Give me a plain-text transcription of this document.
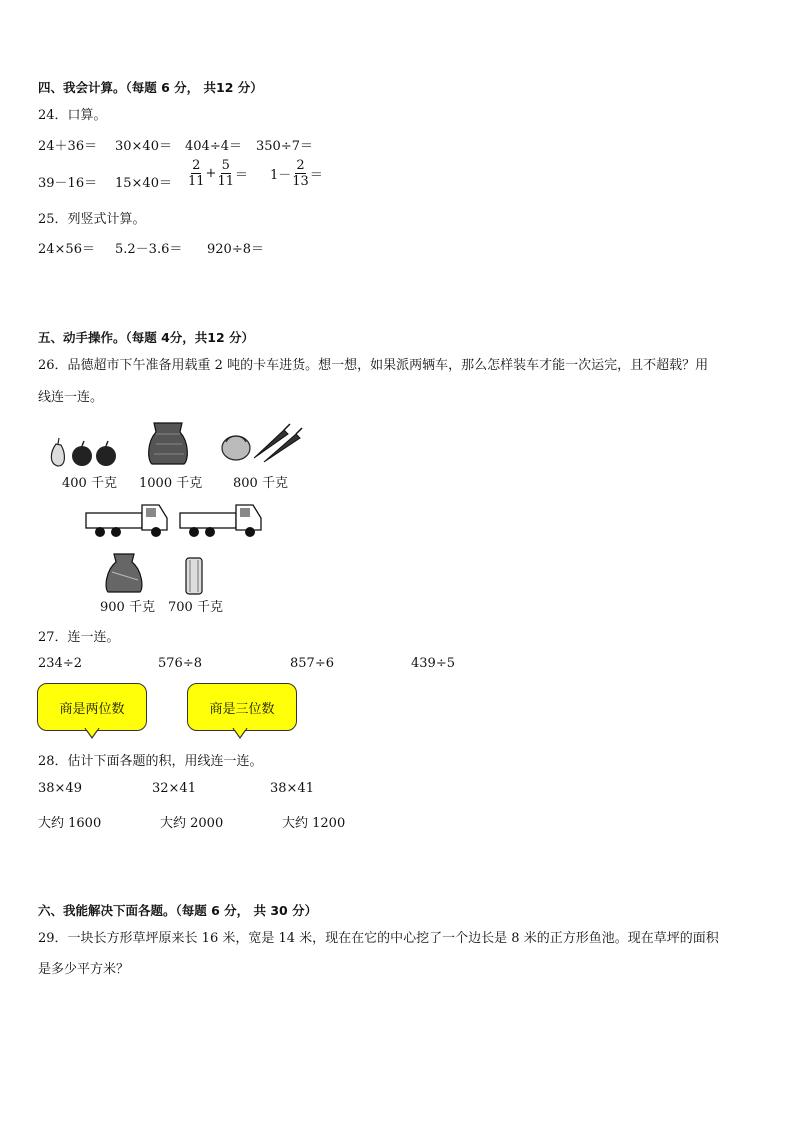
四、我会计算。（每题 6 分， 共12 分）
24．口算。
24＋36＝ 30×40＝ 404÷4＝ 350÷7＝
$39-16= 15\times 40= \frac{2}{11} + \frac{5}{11} = 1- \frac{2}{13}$ ＝
25．列竖式计算。
24×56＝ 5.2－3.6＝ 920÷8＝
五、动手操作。（每题 4分，共12 分）
26．品德超市下午准备用载重 2 吨的卡车进货。想一想，如果派两辆车，那么怎样装车才能一次运完，且不超载？用
线连一连。
400 千克 1000 千克 800 千克
900 千克 700 千克
27．连一连。
234÷2	576÷8	857÷6	439÷5
商是两位数	商是三位数
28．估计下面各题的积，用线连一连。
38×49	32×41	38×41
大约 1600	大约 2000	大约 1200
六、我能解决下面各题。（每题 6 分， 共 30 分）
29．一块长方形草坪原来长 16 米，宽是 14 米，现在在它的中心挖了一个边长是 8 米的正方形鱼池。现在草坪的面积
是多少平方米？
